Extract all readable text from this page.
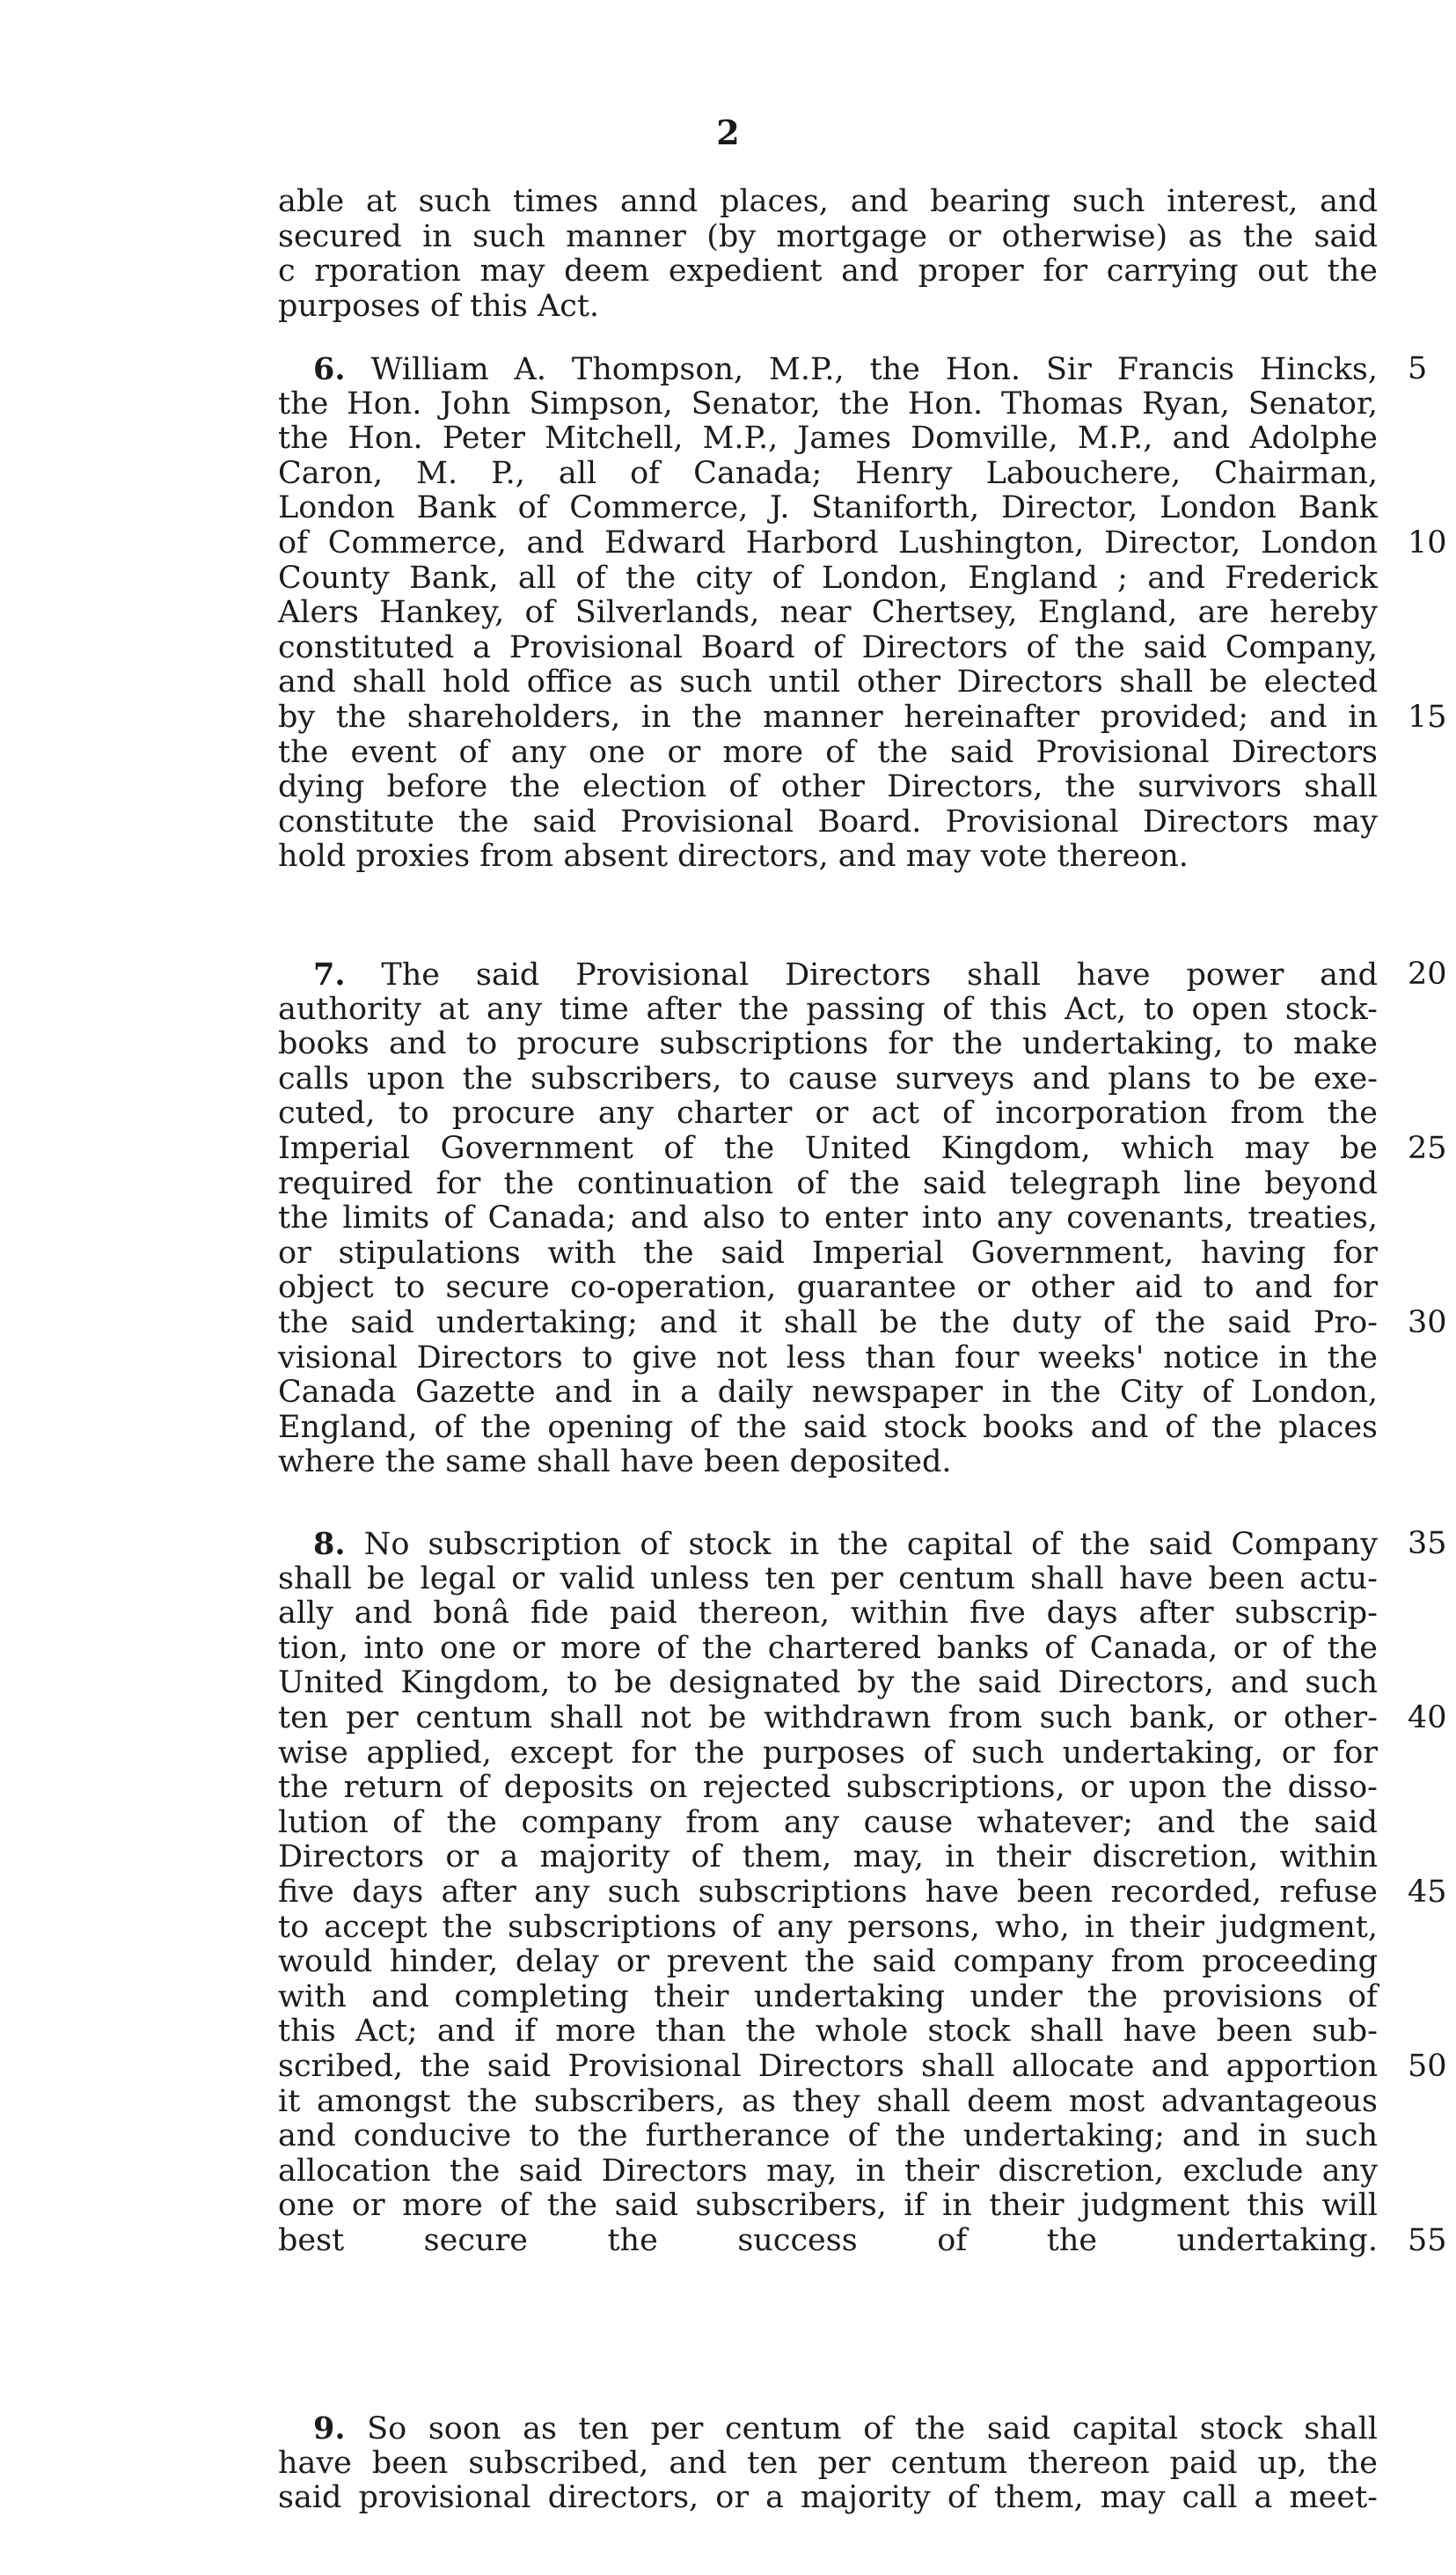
2
able at such times annd places, and bearing such interest, and
secured in such manner (by mortgage or otherwise) as the said
c rporation may deem expedient and proper for carrying out the
purposes of this Act.
6. William A. Thompson, M.P., the Hon. Sir Francis Hincks, 5
the Hon. John Simpson, Senator, the Hon. Thomas Ryan, Senator,
the Hon. Peter Mitchell, M.P., James Domville, M.P., and Adolphe
Caron, M. P., all of Canada; Henry Labouchere, Chairman,
London Bank of Commerce, J. Staniforth, Director, London Bank
of Commerce, and Edward Harbord Lushington, Director, London 10
County Bank, all of the city of London, England ; and Frederick
Alers Hankey, of Silverlands, near Chertsey, England, are hereby
constituted a Provisional Board of Directors of the said Company,
and shall hold office as such until other Directors shall be elected
by the shareholders, in the manner hereinafter provided; and in 15
the event of any one or more of the said Provisional Directors
dying before the election of other Directors, the survivors shall
constitute the said Provisional Board. Provisional Directors may
hold proxies from absent directors, and may vote thereon.
7. The said Provisional Directors shall have power and 20
authority at any time after the passing of this Act, to open stock-
books and to procure subscriptions for the undertaking, to make
calls upon the subscribers, to cause surveys and plans to be exe-
cuted, to procure any charter or act of incorporation from the
Imperial Government of the United Kingdom, which may be 25
required for the continuation of the said telegraph line beyond
the limits of Canada; and also to enter into any covenants, treaties,
or stipulations with the said Imperial Government, having for
object to secure co-operation, guarantee or other aid to and for
the said undertaking; and it shall be the duty of the said Pro- 30
visional Directors to give not less than four weeks' notice in the
Canada Gazette and in a daily newspaper in the City of London,
England, of the opening of the said stock books and of the places
where the same shall have been deposited.
8. No subscription of stock in the capital of the said Company 35
shall be legal or valid unless ten per centum shall have been actu-
ally and bonâ fide paid thereon, within five days after subscrip-
tion, into one or more of the chartered banks of Canada, or of the
United Kingdom, to be designated by the said Directors, and such
ten per centum shall not be withdrawn from such bank, or other- 40
wise applied, except for the purposes of such undertaking, or for
the return of deposits on rejected subscriptions, or upon the disso-
lution of the company from any cause whatever; and the said
Directors or a majority of them, may, in their discretion, within
five days after any such subscriptions have been recorded, refuse 45
to accept the subscriptions of any persons, who, in their judgment,
would hinder, delay or prevent the said company from proceeding
with and completing their undertaking under the provisions of
this Act; and if more than the whole stock shall have been sub-
scribed, the said Provisional Directors shall allocate and apportion 50
it amongst the subscribers, as they shall deem most advantageous
and conducive to the furtherance of the undertaking; and in such
allocation the said Directors may, in their discretion, exclude any
one or more of the said subscribers, if in their judgment this will
best secure the success of the undertaking. 55
9. So soon as ten per centum of the said capital stock shall
have been subscribed, and ten per centum thereon paid up, the
said provisional directors, or a majority of them, may call a meet-
